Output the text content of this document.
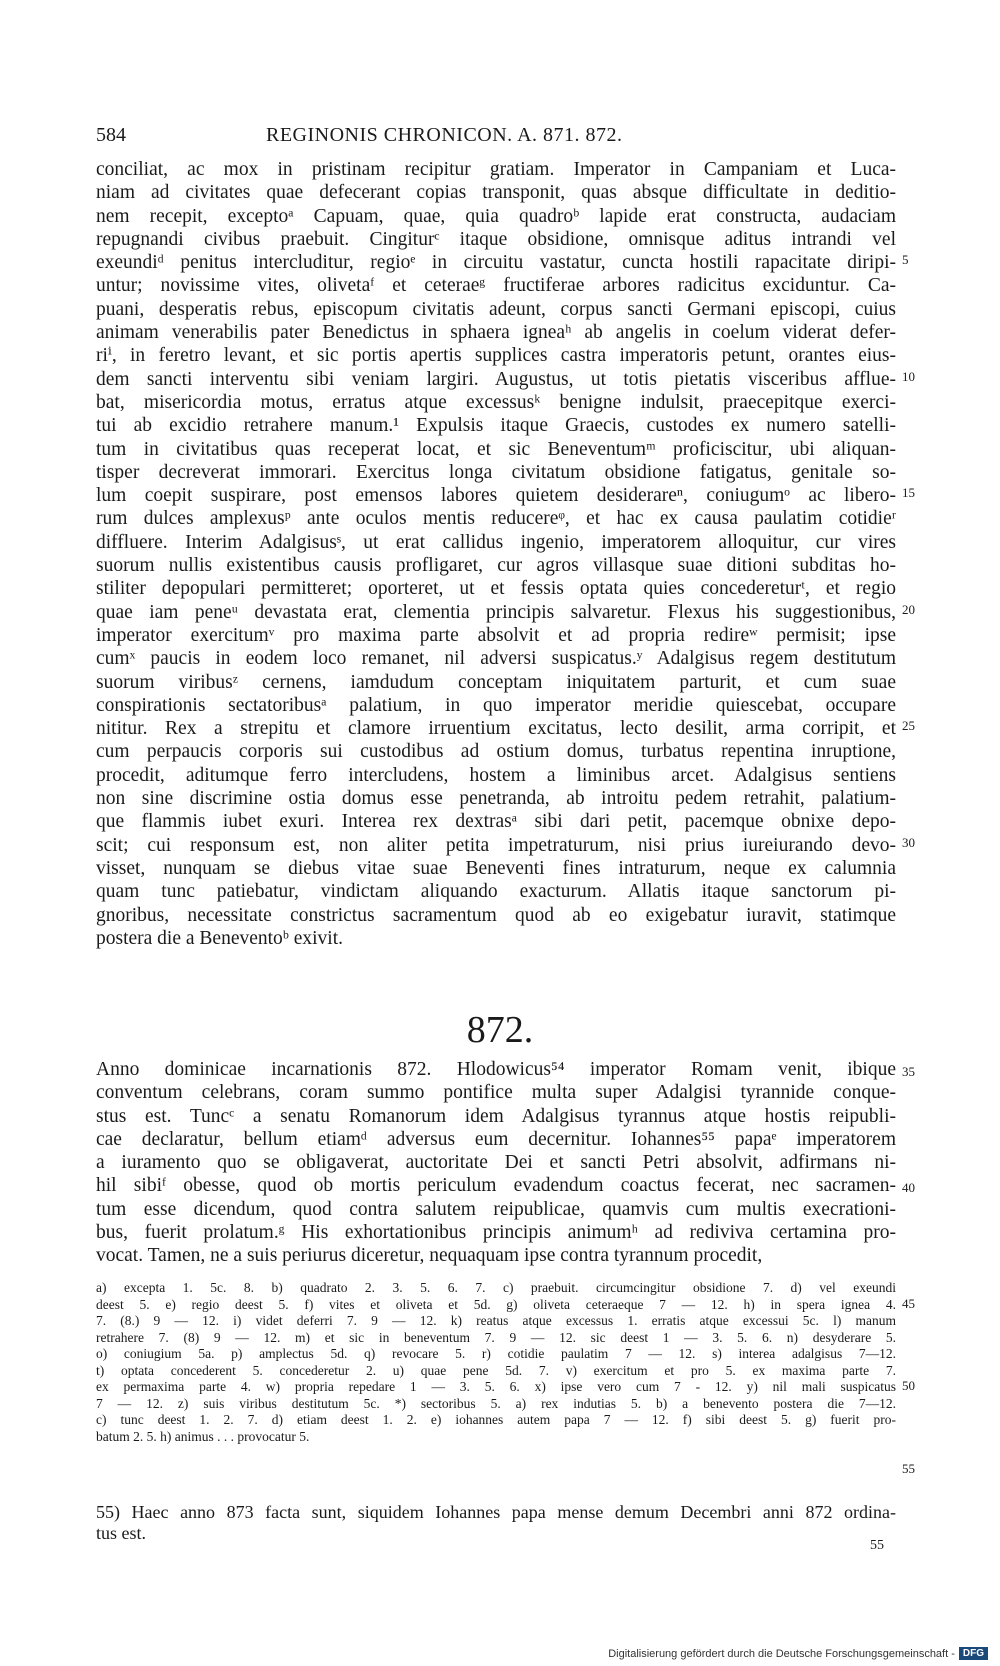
584	REGINONIS CHRONICON. A. 871. 872.
conciliat, ac mox in pristinam recipitur gratiam. Imperator in Campaniam et Luca-
niam ad civitates quae defecerant copias transponit, quas absque difficultate in deditio-
nem recepit, exceptoᵃ Capuam, quae, quia quadroᵇ lapide erat constructa, audaciam
repugnandi civibus praebuit. Cingiturᶜ itaque obsidione, omnisque aditus intrandi vel
exeundiᵈ penitus intercluditur, regioᵉ in circuitu vastatur, cuncta hostili rapacitate diripi-
untur; novissime vites, olivetaᶠ et ceteraeᵍ fructiferae arbores radicitus exciduntur. Ca-
puani, desperatis rebus, episcopum civitatis adeunt, corpus sancti Germani episcopi, cuius
animam venerabilis pater Benedictus in sphaera igneaʰ ab angelis in coelum viderat defer-
riⁱ, in feretro levant, et sic portis apertis supplices castra imperatoris petunt, orantes eius-
dem sancti interventu sibi veniam largiri. Augustus, ut totis pietatis visceribus afflue-
bat, misericordia motus, erratus atque excessusᵏ benigne indulsit, praecepitque exerci-
tui ab excidio retrahere manum.¹ Expulsis itaque Graecis, custodes ex numero satelli-
tum in civitatibus quas receperat locat, et sic Beneventumᵐ proficiscitur, ubi aliquan-
tisper decreverat immorari. Exercitus longa civitatum obsidione fatigatus, genitale so-
lum coepit suspirare, post emensos labores quietem desiderareⁿ, coniugumᵒ ac libero-
rum dulces amplexusᵖ ante oculos mentis reducereᵠ, et hac ex causa paulatim cotidieʳ
diffluere. Interim Adalgisusˢ, ut erat callidus ingenio, imperatorem alloquitur, cur vires
suorum nullis existentibus causis profligaret, cur agros villasque suae ditioni subditas ho-
stiliter depopulari permitteret; oporteret, ut et fessis optata quies concedereturᵗ, et regio
quae iam peneᵘ devastata erat, clementia principis salvaretur. Flexus his suggestionibus,
imperator exercitumᵛ pro maxima parte absolvit et ad propria redireʷ permisit; ipse
cumˣ paucis in eodem loco remanet, nil adversi suspicatus.ʸ Adalgisus regem destitutum
suorum viribusᶻ cernens, iamdudum conceptam iniquitatem parturit, et cum suae
conspirationis sectatoribusᵃ palatium, in quo imperator meridie quiescebat, occupare
nititur. Rex a strepitu et clamore irruentium excitatus, lecto desilit, arma corripit, et
cum perpaucis corporis sui custodibus ad ostium domus, turbatus repentina inruptione,
procedit, aditumque ferro intercludens, hostem a liminibus arcet. Adalgisus sentiens
non sine discrimine ostia domus esse penetranda, ab introitu pedem retrahit, palatium-
que flammis iubet exuri. Interea rex dextrasᵃ sibi dari petit, pacemque obnixe depo-
scit; cui responsum est, non aliter petita impetraturum, nisi prius iureiurando devo-
visset, nunquam se diebus vitae suae Beneventi fines intraturum, neque ex calumnia
quam tunc patiebatur, vindictam aliquando exacturum. Allatis itaque sanctorum pi-
gnoribus, necessitate constrictus sacramentum quod ab eo exigebatur iuravit, statimque
postera die a Beneventoᵇ exivit.
872.
Anno dominicae incarnationis 872. Hlodowicus⁵⁴ imperator Romam venit, ibique
conventum celebrans, coram summo pontifice multa super Adalgisi tyrannide conque-
stus est. Tuncᶜ a senatu Romanorum idem Adalgisus tyrannus atque hostis reipubli-
cae declaratur, bellum etiamᵈ adversus eum decernitur. Iohannes⁵⁵ papaᵉ imperatorem
a iuramento quo se obligaverat, auctoritate Dei et sancti Petri absolvit, adfirmans ni-
hil sibiᶠ obesse, quod ob mortis periculum evadendum coactus fecerat, nec sacramen-
tum esse dicendum, quod contra salutem reipublicae, quamvis cum multis execrationi-
bus, fuerit prolatum.ᵍ His exhortationibus principis animumʰ ad rediviva certamina pro-
vocat. Tamen, ne a suis periurus diceretur, nequaquam ipse contra tyrannum procedit,
a) excepta 1. 5c. 8. b) quadrato 2. 3. 5. 6. 7. c) praebuit. circumcingitur obsidione 7. d) vel exeundi
deest 5. e) regio deest 5. f) vites et oliveta et 5d. g) oliveta ceteraeque 7 — 12. h) in spera ignea 4.
7. (8.) 9 — 12. i) videt deferri 7. 9 — 12. k) reatus atque excessus 1. erratis atque excessui 5c. l) manum
retrahere 7. (8) 9 — 12. m) et sic in beneventum 7. 9 — 12. sic deest 1 — 3. 5. 6. n) desyderare 5.
o) coniugium 5a. p) amplectus 5d. q) revocare 5. r) cotidie paulatim 7 — 12. s) interea adalgisus 7—12.
t) optata concederent 5. concederetur 2. u) quae pene 5d. 7. v) exercitum et pro 5. ex maxima parte 7.
ex permaxima parte 4. w) propria repedare 1 — 3. 5. 6. x) ipse vero cum 7 - 12. y) nil mali suspicatus
7 — 12. z) suis viribus destitutum 5c. *) sectoribus 5. a) rex indutias 5. b) a benevento postera die 7—12.
c) tunc deest 1. 2. 7. d) etiam deest 1. 2. e) iohannes autem papa 7 — 12. f) sibi deest 5. g) fuerit pro-
batum 2. 5. h) animus . . . provocatur 5.
55) Haec anno 873 facta sunt, siquidem Iohannes papa mense demum Decembri anni 872 ordina-
tus est.
55
5
10
15
20
25
30
35
40
45
50
55
Digitalisierung gefördert durch die Deutsche Forschungsgemeinschaft - DFG
